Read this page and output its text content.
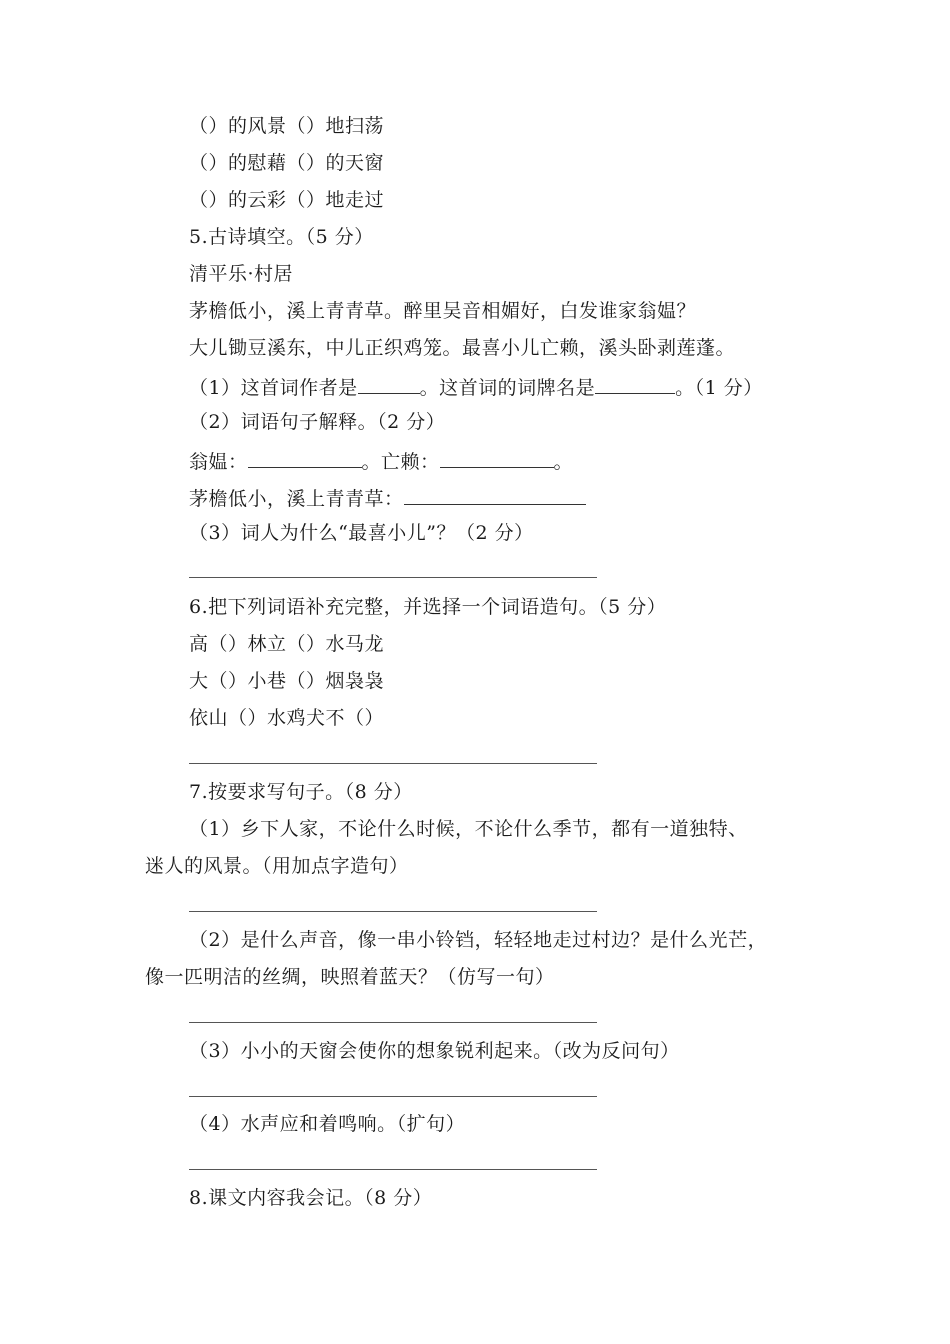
（）的风景（）地扫荡
（）的慰藉（）的天窗
（）的云彩（）地走过
5.古诗填空。（5 分）
清平乐·村居
茅檐低小，溪上青青草。醉里吴音相媚好，白发谁家翁媪？
大儿锄豆溪东，中儿正织鸡笼。最喜小儿亡赖，溪头卧剥莲蓬。
（1）这首词作者是	。这首词的词牌名是	。（1 分）
（2）词语句子解释。（2 分）
翁媪：	。亡赖：	。
茅檐低小，溪上青青草：
（3）词人为什么“最喜小儿”？（2 分）
6.把下列词语补充完整，并选择一个词语造句。（5 分）
高（）林立（）水马龙
大（）小巷（）烟袅袅
依山（）水鸡犬不（）
7.按要求写句子。（8 分）
（1）乡下人家，不论什么时候，不论什么季节，都有一道独特、
迷人的风景。（用加点字造句）
（2）是什么声音，像一串小铃铛，轻轻地走过村边？是什么光芒，
像一匹明洁的丝绸，映照着蓝天？（仿写一句）
（3）小小的天窗会使你的想象锐利起来。（改为反问句）
（4）水声应和着鸣响。（扩句）
8.课文内容我会记。（8 分）
